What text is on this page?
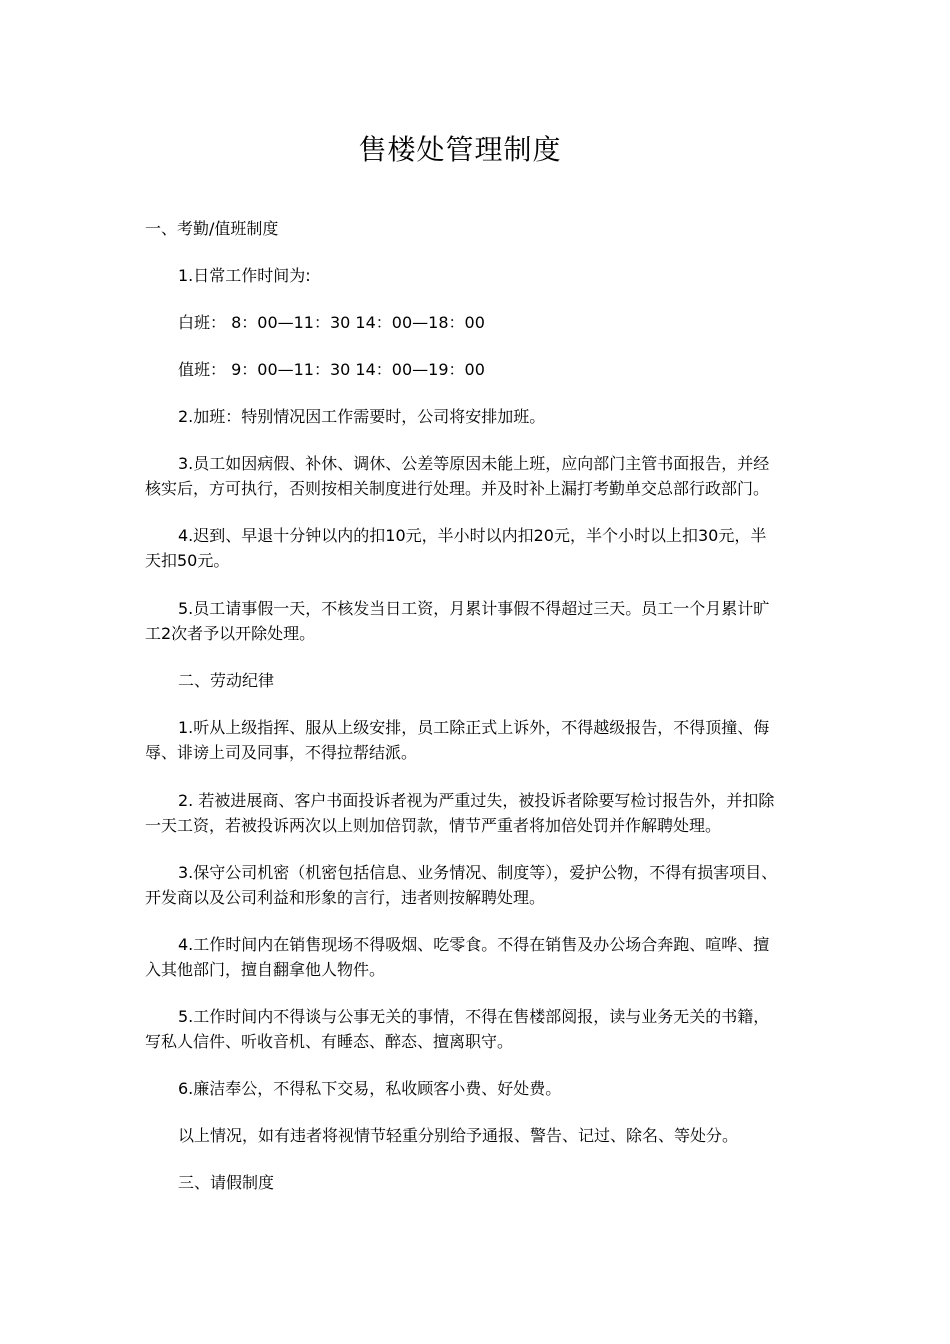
售楼处管理制度
一、考勤/值班制度
1.日常工作时间为:
白班： 8：00—11：30 14：00—18：00
值班： 9：00—11：30 14：00—19：00
2.加班：特别情况因工作需要时，公司将安排加班。
3.员工如因病假、补休、调休、公差等原因未能上班，应向部门主管书面报告，并经
核实后，方可执行，否则按相关制度进行处理。并及时补上漏打考勤单交总部行政部门。
4.迟到、早退十分钟以内的扣10元，半小时以内扣20元，半个小时以上扣30元，半
天扣50元。
5.员工请事假一天，不核发当日工资，月累计事假不得超过三天。员工一个月累计旷
工2次者予以开除处理。
二、劳动纪律
1.听从上级指挥、服从上级安排，员工除正式上诉外，不得越级报告，不得顶撞、侮
辱、诽谤上司及同事，不得拉帮结派。
2. 若被进展商、客户书面投诉者视为严重过失，被投诉者除要写检讨报告外，并扣除
一天工资，若被投诉两次以上则加倍罚款，情节严重者将加倍处罚并作解聘处理。
3.保守公司机密（机密包括信息、业务情况、制度等），爱护公物，不得有损害项目、
开发商以及公司利益和形象的言行，违者则按解聘处理。
4.工作时间内在销售现场不得吸烟、吃零食。不得在销售及办公场合奔跑、喧哗、擅
入其他部门，擅自翻拿他人物件。
5.工作时间内不得谈与公事无关的事情，不得在售楼部阅报，读与业务无关的书籍，
写私人信件、听收音机、有睡态、醉态、擅离职守。
6.廉洁奉公，不得私下交易，私收顾客小费、好处费。
以上情况，如有违者将视情节轻重分别给予通报、警告、记过、除名、等处分。
三、请假制度
